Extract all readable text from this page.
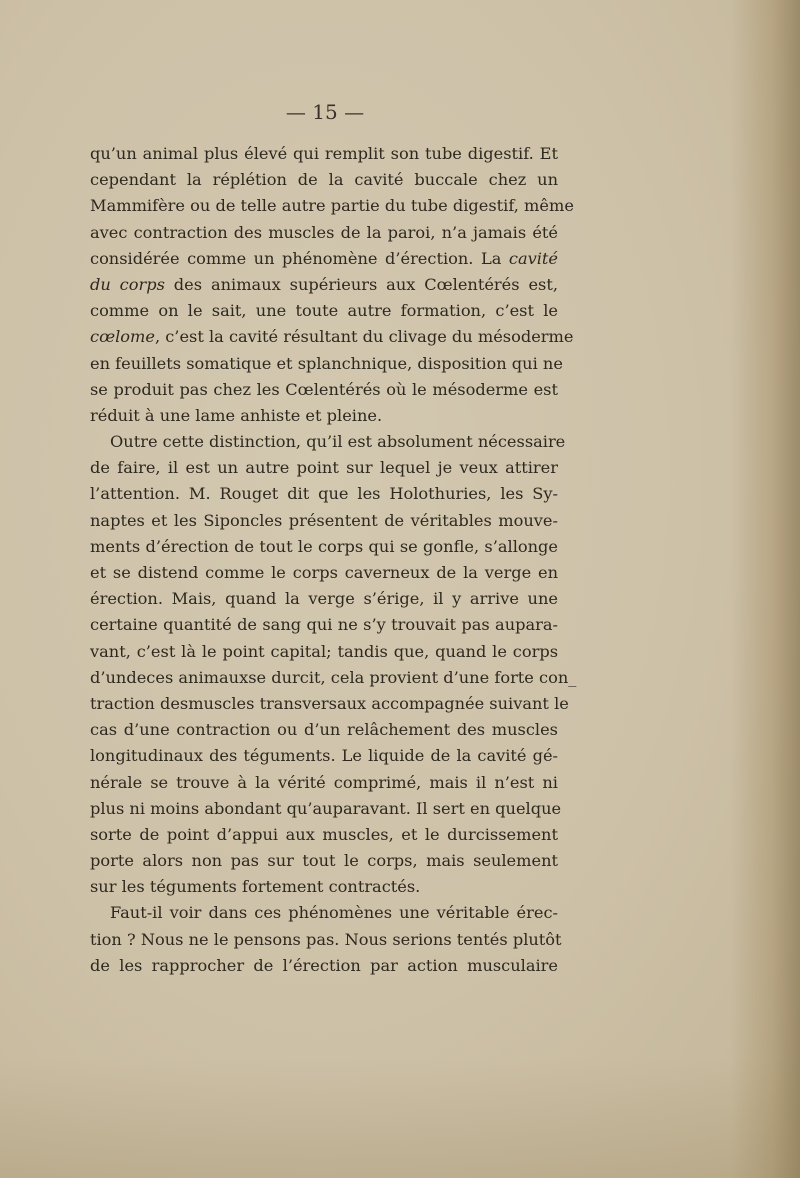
— 15 —
qu’un animal plus élevé qui remplit son tube digestif. Et
cependant la réplétion de la cavité buccale chez un
Mammifère ou de telle autre partie du tube digestif, même
avec contraction des muscles de la paroi, n’a jamais été
considérée comme un phénomène d’érection. La cavité
du corps des animaux supérieurs aux Cœlentérés est,
comme on le sait, une toute autre formation, c’est le
cœlome, c’est la cavité résultant du clivage du mésoderme
en feuillets somatique et splanchnique, disposition qui ne
se produit pas chez les Cœlentérés où le mésoderme est
réduit à une lame anhiste et pleine.
Outre cette distinction, qu’il est absolument nécessaire
de faire, il est un autre point sur lequel je veux attirer
l’attention. M. Rouget dit que les Holothuries, les Sy-
naptes et les Siponcles présentent de véritables mouve-
ments d’érection de tout le corps qui se gonfle, s’allonge
et se distend comme le corps caverneux de la verge en
érection. Mais, quand la verge s’érige, il y arrive une
certaine quantité de sang qui ne s’y trouvait pas aupara-
vant, c’est là le point capital; tandis que, quand le corps
d’undeces animauxse durcit, cela provient d’une forte con_
traction desmuscles transversaux accompagnée suivant le
cas d’une contraction ou d’un relâchement des muscles
longitudinaux des téguments. Le liquide de la cavité gé-
nérale se trouve à la vérité comprimé, mais il n’est ni
plus ni moins abondant qu’auparavant. Il sert en quelque
sorte de point d’appui aux muscles, et le durcissement
porte alors non pas sur tout le corps, mais seulement
sur les téguments fortement contractés.
Faut-il voir dans ces phénomènes une véritable érec-
tion ? Nous ne le pensons pas. Nous serions tentés plutôt
de les rapprocher de l’érection par action musculaire
